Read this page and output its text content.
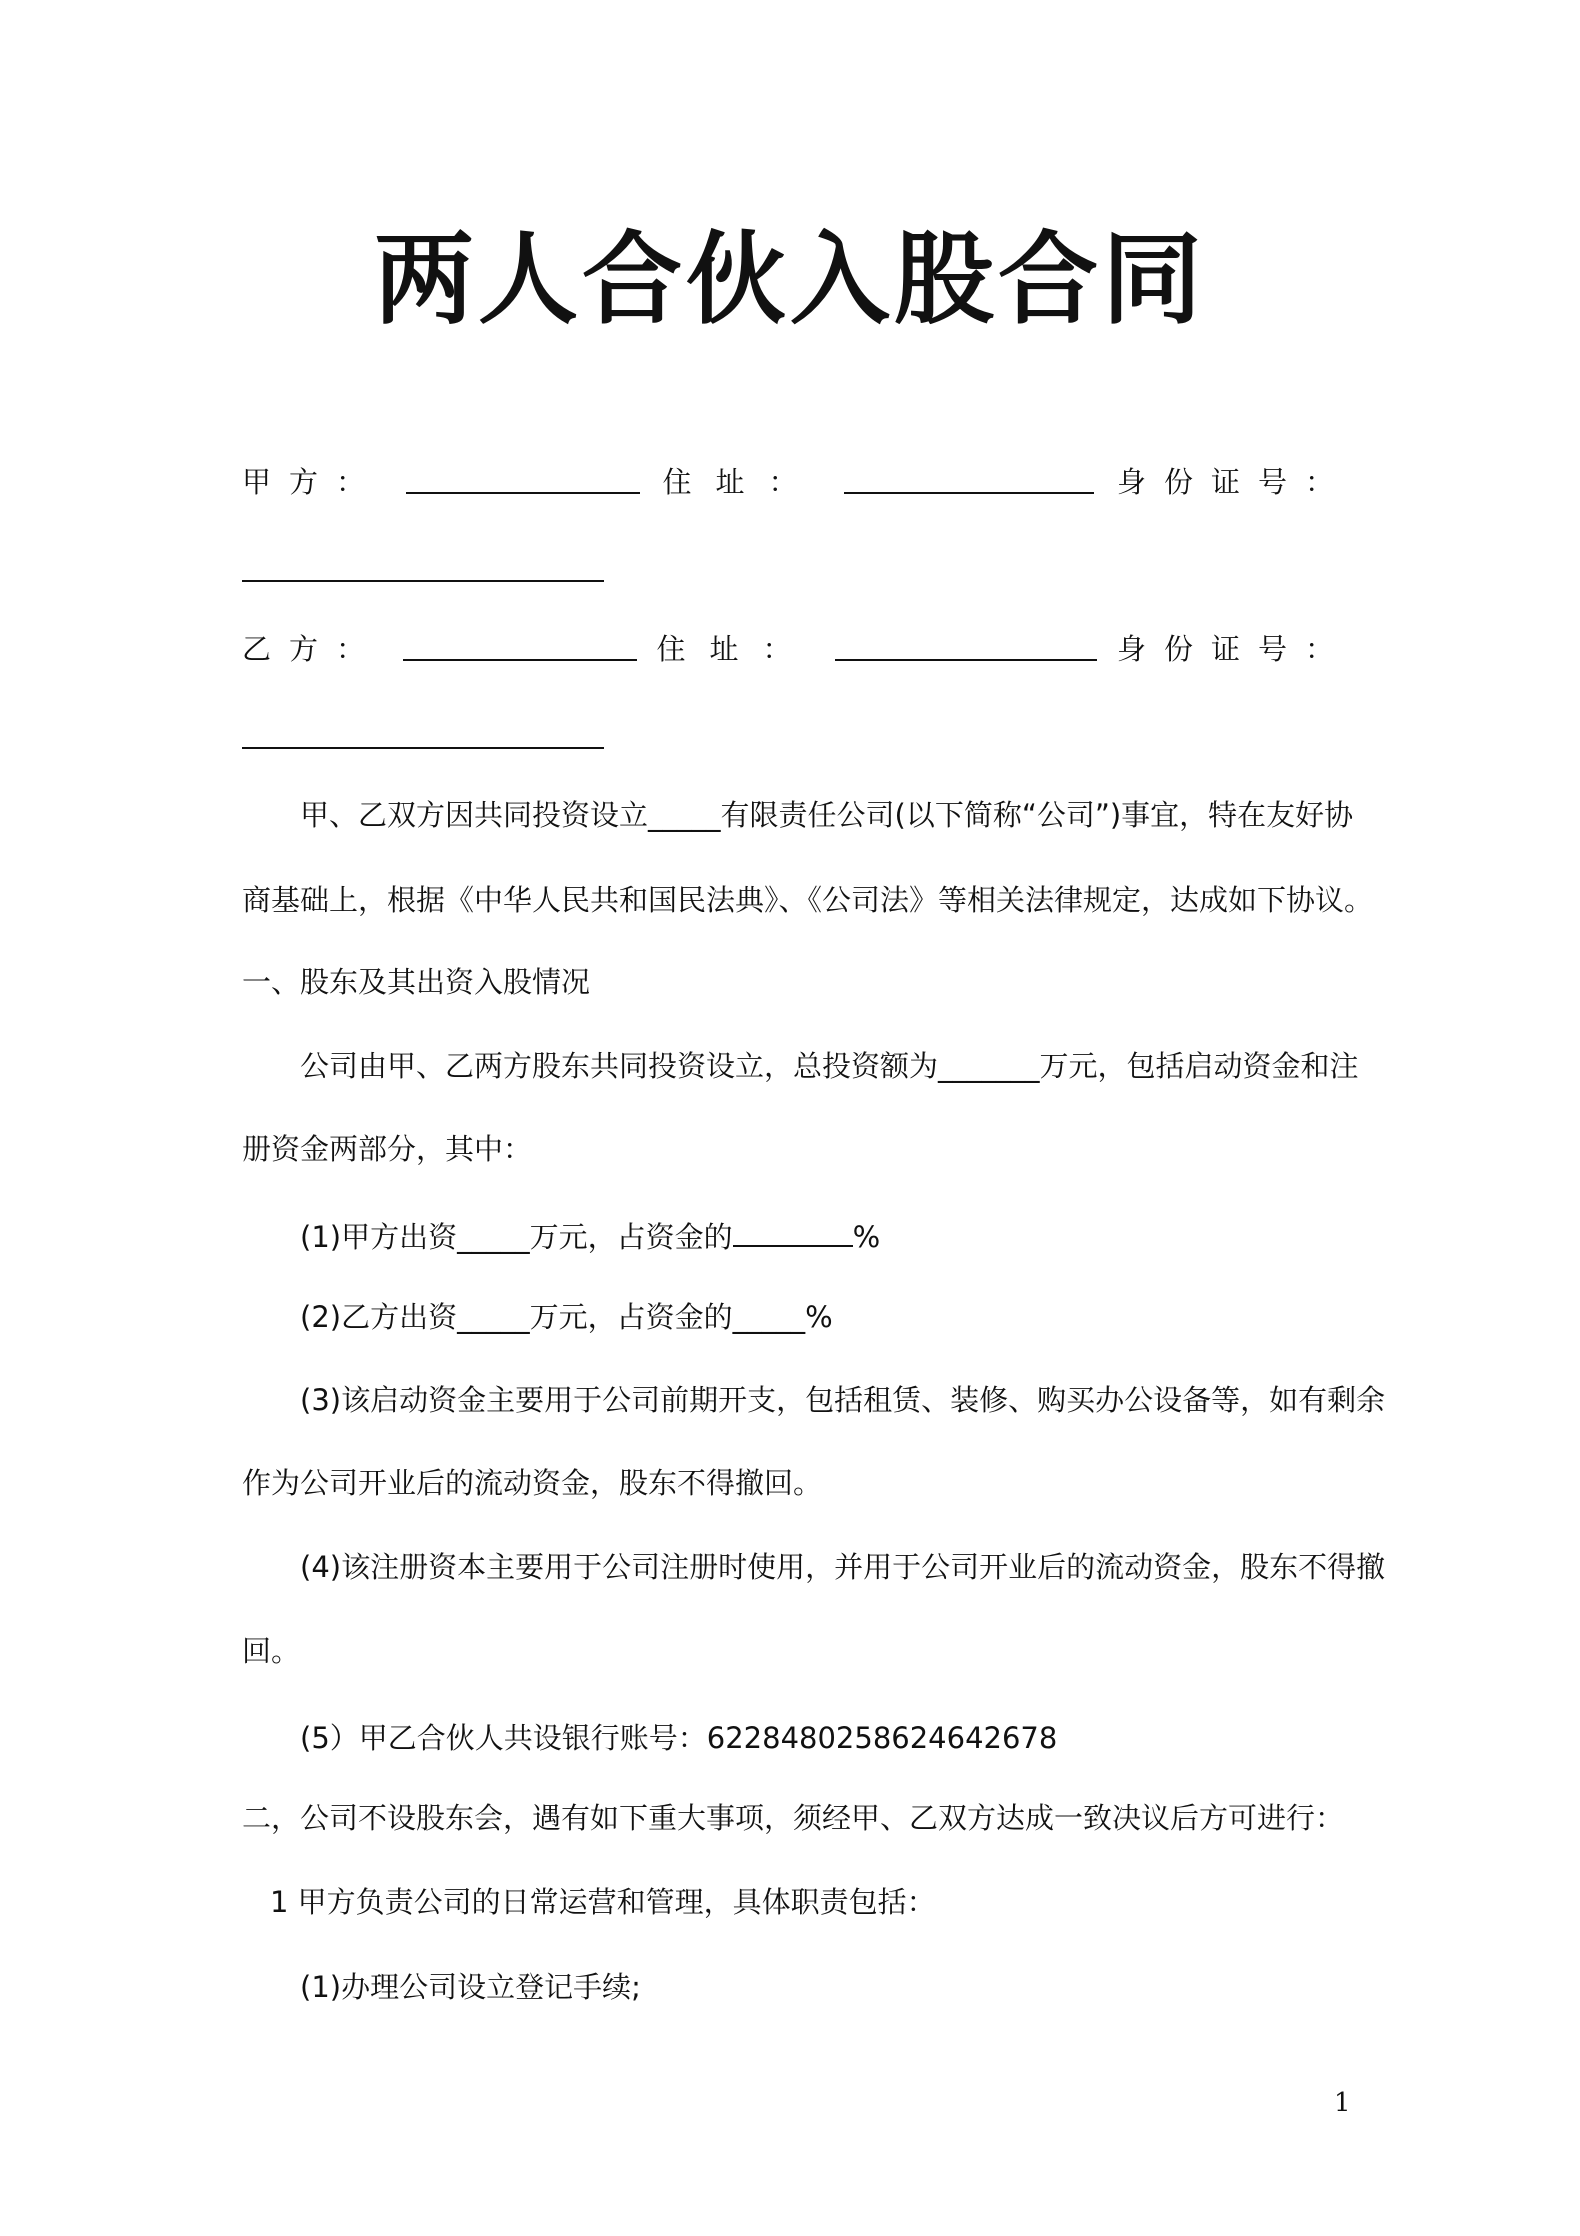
两人合伙入股合同
甲方：	住址：	身份证号：
乙方：	住址：	身份证号：
甲、乙双方因共同投资设立_____有限责任公司(以下简称“公司”)事宜，特在友好协
商基础上，根据《中华人民共和国民法典》、《公司法》等相关法律规定，达成如下协议。
一、股东及其出资入股情况
公司由甲、乙两方股东共同投资设立，总投资额为_______万元，包括启动资金和注
册资金两部分，其中：
(1)甲方出资_____万元，占资金的	%
(2)乙方出资_____万元，占资金的_____%
(3)该启动资金主要用于公司前期开支，包括租赁、装修、购买办公设备等，如有剩余
作为公司开业后的流动资金，股东不得撤回。
(4)该注册资本主要用于公司注册时使用，并用于公司开业后的流动资金，股东不得撤
回。
(5）甲乙合伙人共设银行账号：6228480258624642678
二，公司不设股东会，遇有如下重大事项，须经甲、乙双方达成一致决议后方可进行：
1 甲方负责公司的日常运营和管理，具体职责包括：
(1)办理公司设立登记手续;
1
